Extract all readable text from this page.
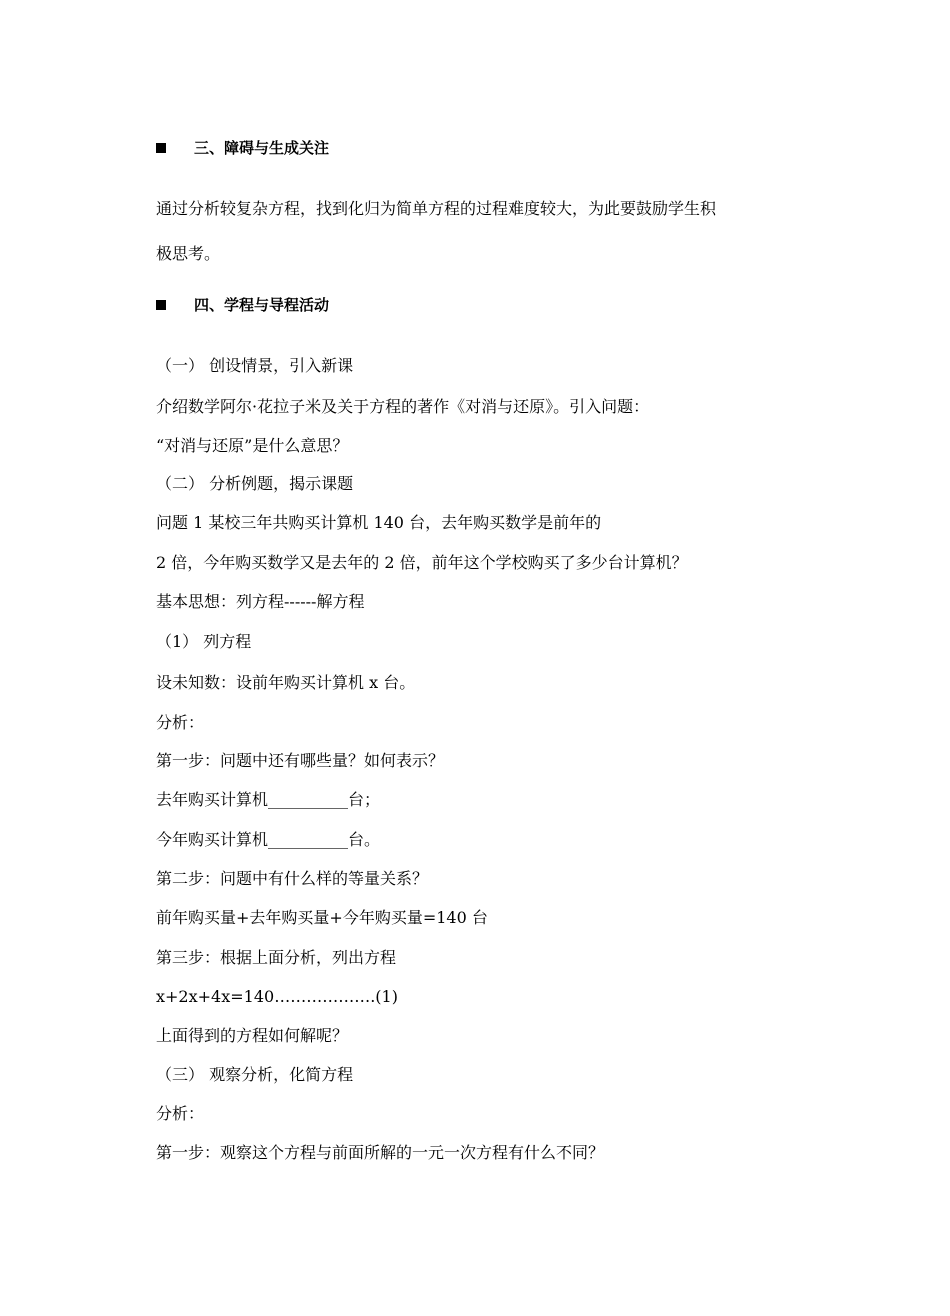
三、障碍与生成关注
通过分析较复杂方程，找到化归为简单方程的过程难度较大，为此要鼓励学生积
极思考。
四、学程与导程活动
（一） 创设情景，引入新课
介绍数学阿尔·花拉子米及关于方程的著作《对消与还原》。引入问题：
“对消与还原”是什么意思？
（二） 分析例题，揭示课题
问题 1 某校三年共购买计算机 140 台，去年购买数学是前年的
2 倍，今年购买数学又是去年的 2 倍，前年这个学校购买了多少台计算机？
基本思想：列方程------解方程
（1） 列方程
设未知数：设前年购买计算机 x 台。
分析：
第一步：问题中还有哪些量？如何表示？
去年购买计算机__________台；
今年购买计算机__________台。
第二步：问题中有什么样的等量关系？
前年购买量+去年购买量+今年购买量=140 台
第三步：根据上面分析，列出方程
x+2x+4x=140……………….(1)
上面得到的方程如何解呢？
（三） 观察分析，化简方程
分析：
第一步：观察这个方程与前面所解的一元一次方程有什么不同？
